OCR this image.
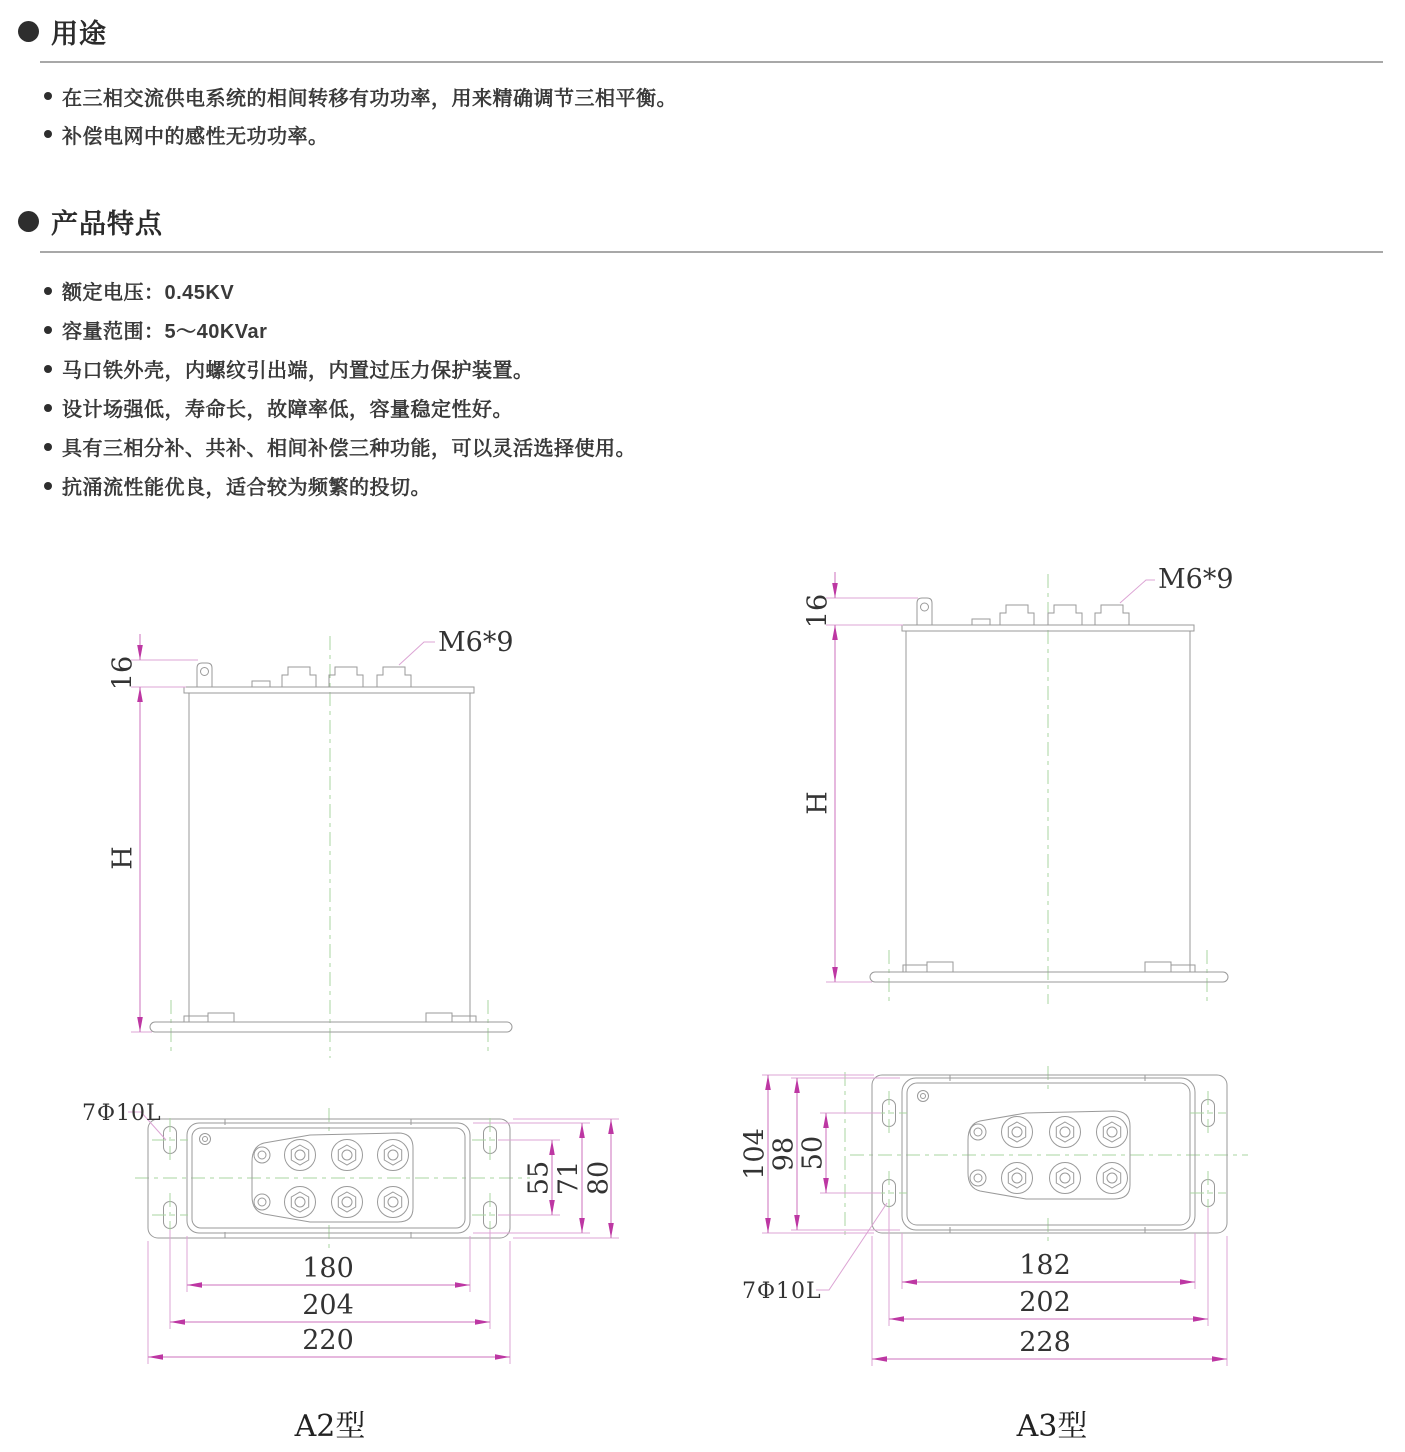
用途
在三相交流供电系统的相间转移有功功率，用来精确调节三相平衡。
补偿电网中的感性无功功率。
产品特点
额定电压：0.45KV
容量范围：5～40KVar
马口铁外壳，内螺纹引出端，内置过压力保护装置。
设计场强低，寿命长，故障率低，容量稳定性好。
具有三相分补、共补、相间补偿三种功能，可以灵活选择使用。
抗涌流性能优良，适合较为频繁的投切。
16
H
M6*9
55 71 80
180
204
220
7Φ10L
A2型
16
H
M6*9
104
98
50
182
202
228
7Φ10L
A3型
